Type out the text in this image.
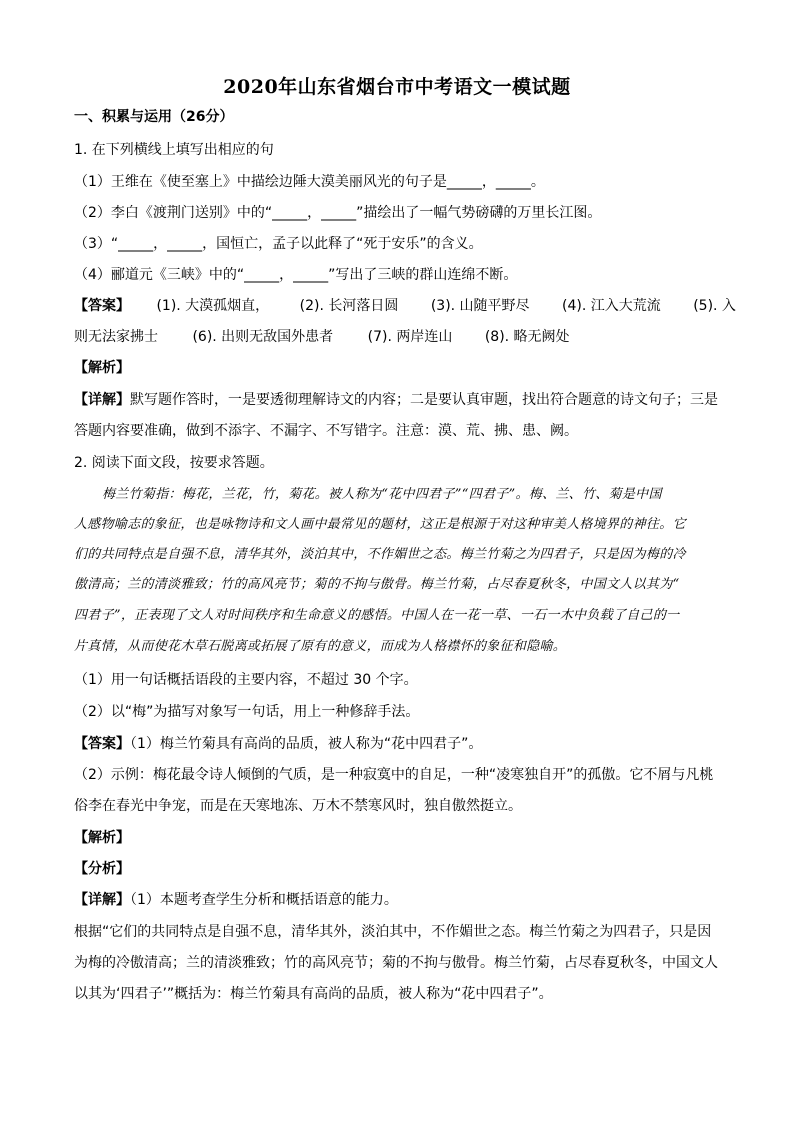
2020年山东省烟台市中考语文一模试题
一、积累与运用（26分）
1. 在下列横线上填写出相应的句
（1）王维在《使至塞上》中描绘边陲大漠美丽风光的句子是_____，_____。
（2）李白《渡荆门送别》中的“_____，_____”描绘出了一幅气势磅礴的万里长江图。
（3）“_____，_____，国恒亡，孟子以此释了“死于安乐”的含义。
（4）郦道元《三峡》中的“_____，_____”写出了三峡的群山连绵不断。
【答案】 (1). 大漠孤烟直， (2). 长河落日圆 (3). 山随平野尽 (4). 江入大荒流 (5). 入
则无法家拂士 (6). 出则无敌国外患者 (7). 两岸连山 (8). 略无阙处
【解析】
【详解】默写题作答时，一是要透彻理解诗文的内容；二是要认真审题，找出符合题意的诗文句子；三是
答题内容要准确，做到不添字、不漏字、不写错字。注意：漠、荒、拂、患、阙。
2. 阅读下面文段，按要求答题。
梅兰竹菊指：梅花，兰花，竹，菊花。被人称为“花中四君子”“四君子”。梅、兰、竹、菊是中国
人感物喻志的象征，也是咏物诗和文人画中最常见的题材，这正是根源于对这种审美人格境界的神往。它
们的共同特点是自强不息，清华其外，淡泊其中，不作媚世之态。梅兰竹菊之为四君子，只是因为梅的冷
傲清高；兰的清淡雅致；竹的高风亮节；菊的不拘与傲骨。梅兰竹菊，占尽春夏秋冬，中国文人以其为“
四君子”，正表现了文人对时间秩序和生命意义的感悟。中国人在一花一草、一石一木中负载了自己的一
片真情，从而使花木草石脱离或拓展了原有的意义，而成为人格襟怀的象征和隐喻。
（1）用一句话概括语段的主要内容，不超过 30 个字。
（2）以“梅”为描写对象写一句话，用上一种修辞手法。
【答案】（1）梅兰竹菊具有高尚的品质，被人称为“花中四君子”。
（2）示例：梅花最令诗人倾倒的气质，是一种寂寞中的自足，一种“凌寒独自开”的孤傲。它不屑与凡桃
俗李在春光中争宠，而是在天寒地冻、万木不禁寒风时，独自傲然挺立。
【解析】
【分析】
【详解】（1）本题考查学生分析和概括语意的能力。
根据“它们的共同特点是自强不息，清华其外，淡泊其中，不作媚世之态。梅兰竹菊之为四君子，只是因
为梅的冷傲清高；兰的清淡雅致；竹的高风亮节；菊的不拘与傲骨。梅兰竹菊，占尽春夏秋冬，中国文人
以其为‘四君子’”概括为：梅兰竹菊具有高尚的品质，被人称为“花中四君子”。
